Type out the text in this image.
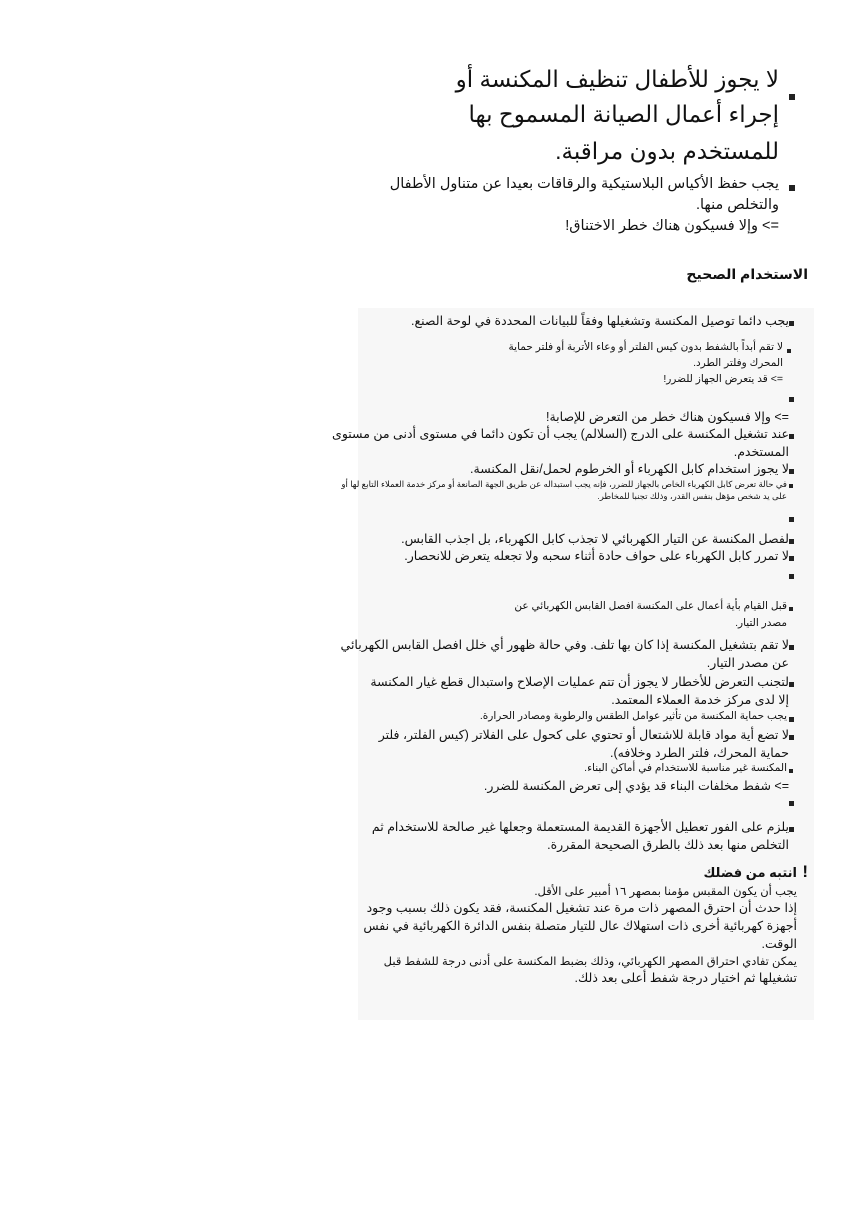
لا يجوز للأطفال تنظيف المكنسة أو
إجراء أعمال الصيانة المسموح بها
للمستخدم بدون مراقبة.
يجب حفظ الأكياس البلاستيكية والرقاقات بعيدا عن متناول الأطفال
والتخلص منها.
=> وإلا فسيكون هناك خطر الاختناق!
الاستخدام الصحيح
يجب دائما توصيل المكنسة وتشغيلها وفقاً للبيانات المحددة في لوحة الصنع.
لا تقم أبداً بالشفط بدون كيس الفلتر أو وعاء الأتربة أو فلتر حماية
المحرك وفلتر الطرد.
=> قد يتعرض الجهاز للضرر!
=> وإلا فسيكون هناك خطر من التعرض للإصابة!
عند تشغيل المكنسة على الدرج (السلالم) يجب أن تكون دائما في مستوى أدنى من مستوى
المستخدم.
لا يجوز استخدام كابل الكهرباء أو الخرطوم لحمل/نقل المكنسة.
في حالة تعرض كابل الكهرباء الخاص بالجهاز للضرر، فإنه يجب استبداله عن طريق الجهة الصانعة أو مركز خدمة العملاء التابع لها أو
على يد شخص مؤهل بنفس القدر، وذلك تجنبا للمخاطر.
لفصل المكنسة عن التيار الكهربائي لا تجذب كابل الكهرباء، بل اجذب القابس.
لا تمرر كابل الكهرباء على حواف حادة أثناء سحبه ولا تجعله يتعرض للانحصار.
قبل القيام بأية أعمال على المكنسة افصل القابس الكهربائي عن
مصدر التيار.
لا تقم بتشغيل المكنسة إذا كان بها تلف. وفي حالة ظهور أي خلل افصل القابس الكهربائي
عن مصدر التيار.
لتجنب التعرض للأخطار لا يجوز أن تتم عمليات الإصلاح واستبدال قطع غيار المكنسة
إلا لدى مركز خدمة العملاء المعتمد.
يجب حماية المكنسة من تأثير عوامل الطقس والرطوبة ومصادر الحرارة.
لا تضع أية مواد قابلة للاشتعال أو تحتوي على كحول على الفلاتر (كيس الفلتر، فلتر
حماية المحرك، فلتر الطرد وخلافه).
المكنسة غير مناسبة للاستخدام في أماكن البناء.
=> شفط مخلفات البناء قد يؤدي إلى تعرض المكنسة للضرر.
يلزم على الفور تعطيل الأجهزة القديمة المستعملة وجعلها غير صالحة للاستخدام ثم
التخلص منها بعد ذلك بالطرق الصحيحة المقررة.
!
انتبه من فضلك
يجب أن يكون المقبس مؤمنا بمصهر ١٦ أمبير على الأقل.
إذا حدث أن احترق المصهر ذات مرة عند تشغيل المكنسة، فقد يكون ذلك بسبب وجود
أجهزة كهربائية أخرى ذات استهلاك عال للتيار متصلة بنفس الدائرة الكهربائية في نفس
الوقت.
يمكن تفادي احتراق المصهر الكهربائي، وذلك بضبط المكنسة على أدنى درجة للشفط قبل
تشغيلها ثم اختيار درجة شفط أعلى بعد ذلك.
